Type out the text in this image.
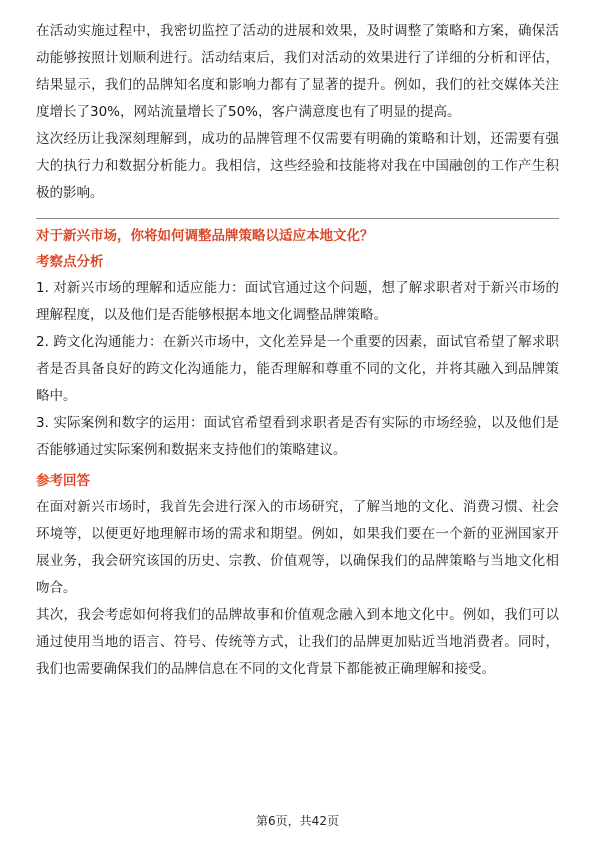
在活动实施过程中，我密切监控了活动的进展和效果，及时调整了策略和方案，确保活动能够按照计划顺利进行。活动结束后，我们对活动的效果进行了详细的分析和评估，结果显示，我们的品牌知名度和影响力都有了显著的提升。例如，我们的社交媒体关注度增长了30%，网站流量增长了50%，客户满意度也有了明显的提高。

这次经历让我深刻理解到，成功的品牌管理不仅需要有明确的策略和计划，还需要有强大的执行力和数据分析能力。我相信，这些经验和技能将对我在中国融创的工作产生积极的影响。

对于新兴市场，你将如何调整品牌策略以适应本地文化？

考察点分析

1. 对新兴市场的理解和适应能力：面试官通过这个问题，想了解求职者对于新兴市场的理解程度，以及他们是否能够根据本地文化调整品牌策略。

2. 跨文化沟通能力：在新兴市场中，文化差异是一个重要的因素，面试官希望了解求职者是否具备良好的跨文化沟通能力，能否理解和尊重不同的文化，并将其融入到品牌策略中。

3. 实际案例和数字的运用：面试官希望看到求职者是否有实际的市场经验，以及他们是否能够通过实际案例和数据来支持他们的策略建议。

参考回答

在面对新兴市场时，我首先会进行深入的市场研究，了解当地的文化、消费习惯、社会环境等，以便更好地理解市场的需求和期望。例如，如果我们要在一个新的亚洲国家开展业务，我会研究该国的历史、宗教、价值观等，以确保我们的品牌策略与当地文化相吻合。

其次，我会考虑如何将我们的品牌故事和价值观念融入到本地文化中。例如，我们可以通过使用当地的语言、符号、传统等方式，让我们的品牌更加贴近当地消费者。同时，我们也需要确保我们的品牌信息在不同的文化背景下都能被正确理解和接受。

第6页，共42页
